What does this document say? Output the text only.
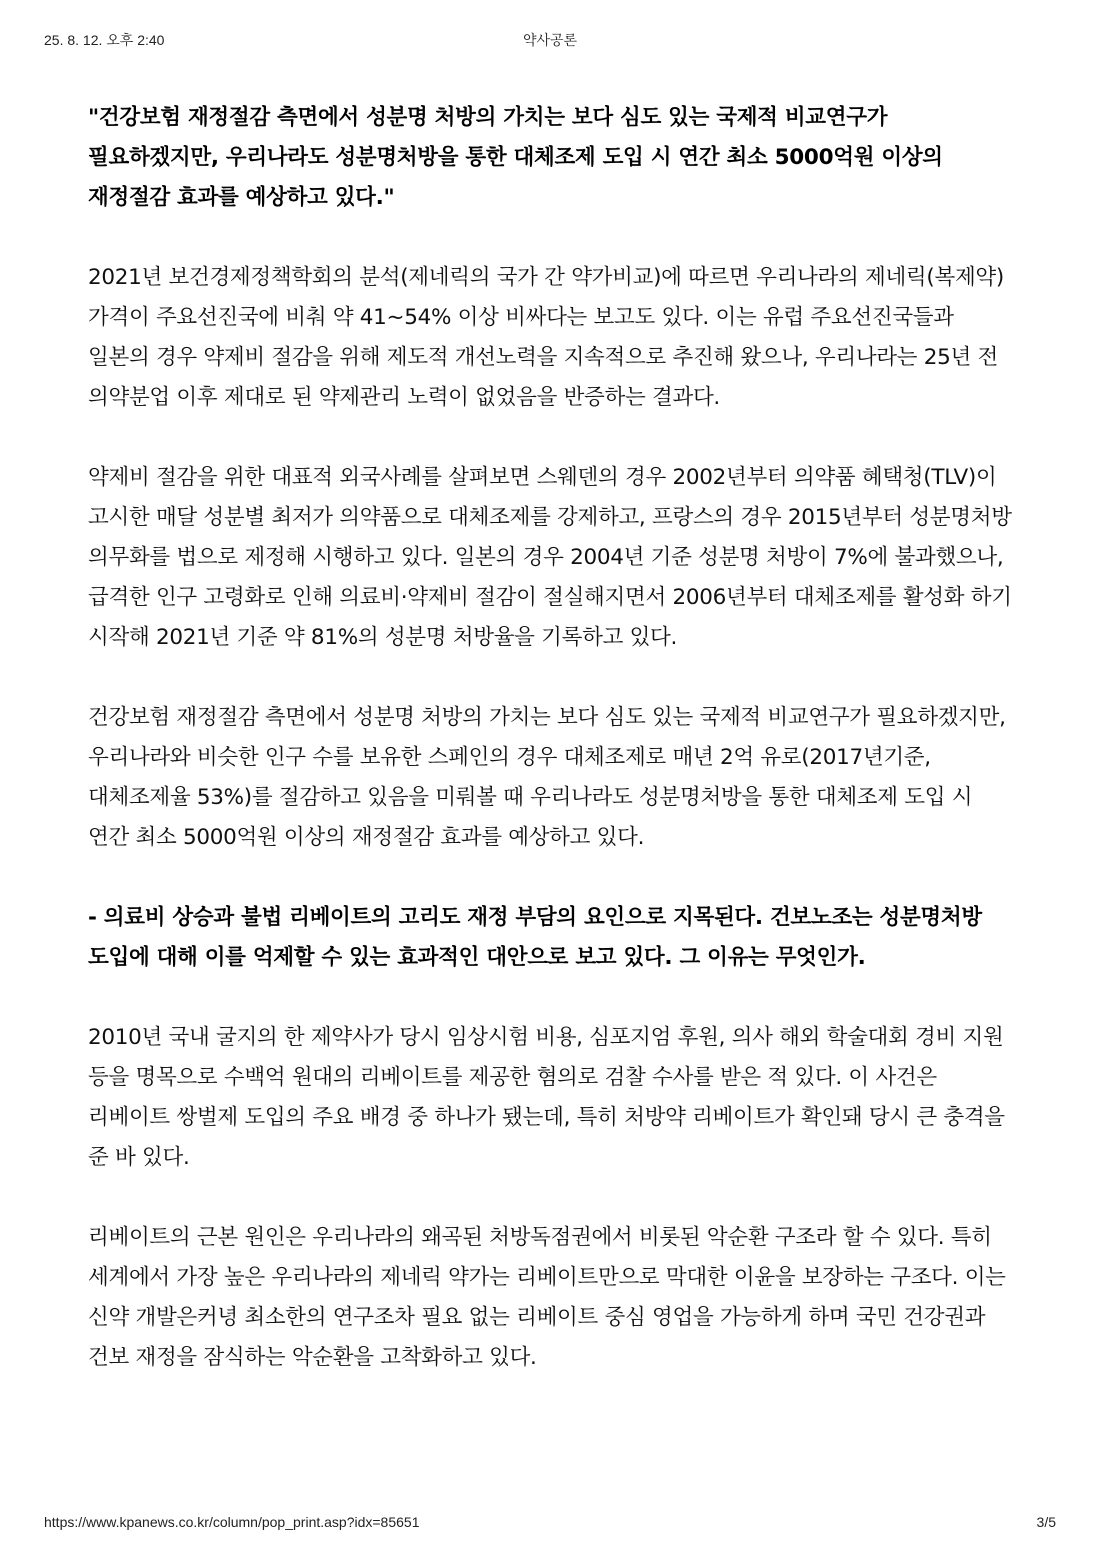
25. 8. 12. 오후 2:40	약사공론

"건강보험 재정절감 측면에서 성분명 처방의 가치는 보다 심도 있는 국제적 비교연구가 필요하겠지만, 우리나라도 성분명처방을 통한 대체조제 도입 시 연간 최소 5000억원 이상의 재정절감 효과를 예상하고 있다."

2021년 보건경제정책학회의 분석(제네릭의 국가 간 약가비교)에 따르면 우리나라의 제네릭(복제약) 가격이 주요선진국에 비춰 약 41~54% 이상 비싸다는 보고도 있다. 이는 유럽 주요선진국들과 일본의 경우 약제비 절감을 위해 제도적 개선노력을 지속적으로 추진해 왔으나, 우리나라는 25년 전 의약분업 이후 제대로 된 약제관리 노력이 없었음을 반증하는 결과다.

약제비 절감을 위한 대표적 외국사례를 살펴보면 스웨덴의 경우 2002년부터 의약품 혜택청(TLV)이 고시한 매달 성분별 최저가 의약품으로 대체조제를 강제하고, 프랑스의 경우 2015년부터 성분명처방 의무화를 법으로 제정해 시행하고 있다. 일본의 경우 2004년 기준 성분명 처방이 7%에 불과했으나, 급격한 인구 고령화로 인해 의료비·약제비 절감이 절실해지면서 2006년부터 대체조제를 활성화 하기 시작해 2021년 기준 약 81%의 성분명 처방율을 기록하고 있다.

건강보험 재정절감 측면에서 성분명 처방의 가치는 보다 심도 있는 국제적 비교연구가 필요하겠지만, 우리나라와 비슷한 인구 수를 보유한 스페인의 경우 대체조제로 매년 2억 유로(2017년기준, 대체조제율 53%)를 절감하고 있음을 미뤄볼 때 우리나라도 성분명처방을 통한 대체조제 도입 시 연간 최소 5000억원 이상의 재정절감 효과를 예상하고 있다.

- 의료비 상승과 불법 리베이트의 고리도 재정 부담의 요인으로 지목된다. 건보노조는 성분명처방 도입에 대해 이를 억제할 수 있는 효과적인 대안으로 보고 있다. 그 이유는 무엇인가.

2010년 국내 굴지의 한 제약사가 당시 임상시험 비용, 심포지엄 후원, 의사 해외 학술대회 경비 지원 등을 명목으로 수백억 원대의 리베이트를 제공한 혐의로 검찰 수사를 받은 적 있다. 이 사건은 리베이트 쌍벌제 도입의 주요 배경 중 하나가 됐는데, 특히 처방약 리베이트가 확인돼 당시 큰 충격을 준 바 있다.

리베이트의 근본 원인은 우리나라의 왜곡된 처방독점권에서 비롯된 악순환 구조라 할 수 있다. 특히 세계에서 가장 높은 우리나라의 제네릭 약가는 리베이트만으로 막대한 이윤을 보장하는 구조다. 이는 신약 개발은커녕 최소한의 연구조차 필요 없는 리베이트 중심 영업을 가능하게 하며 국민 건강권과 건보 재정을 잠식하는 악순환을 고착화하고 있다.

https://www.kpanews.co.kr/column/pop_print.asp?idx=85651	3/5
